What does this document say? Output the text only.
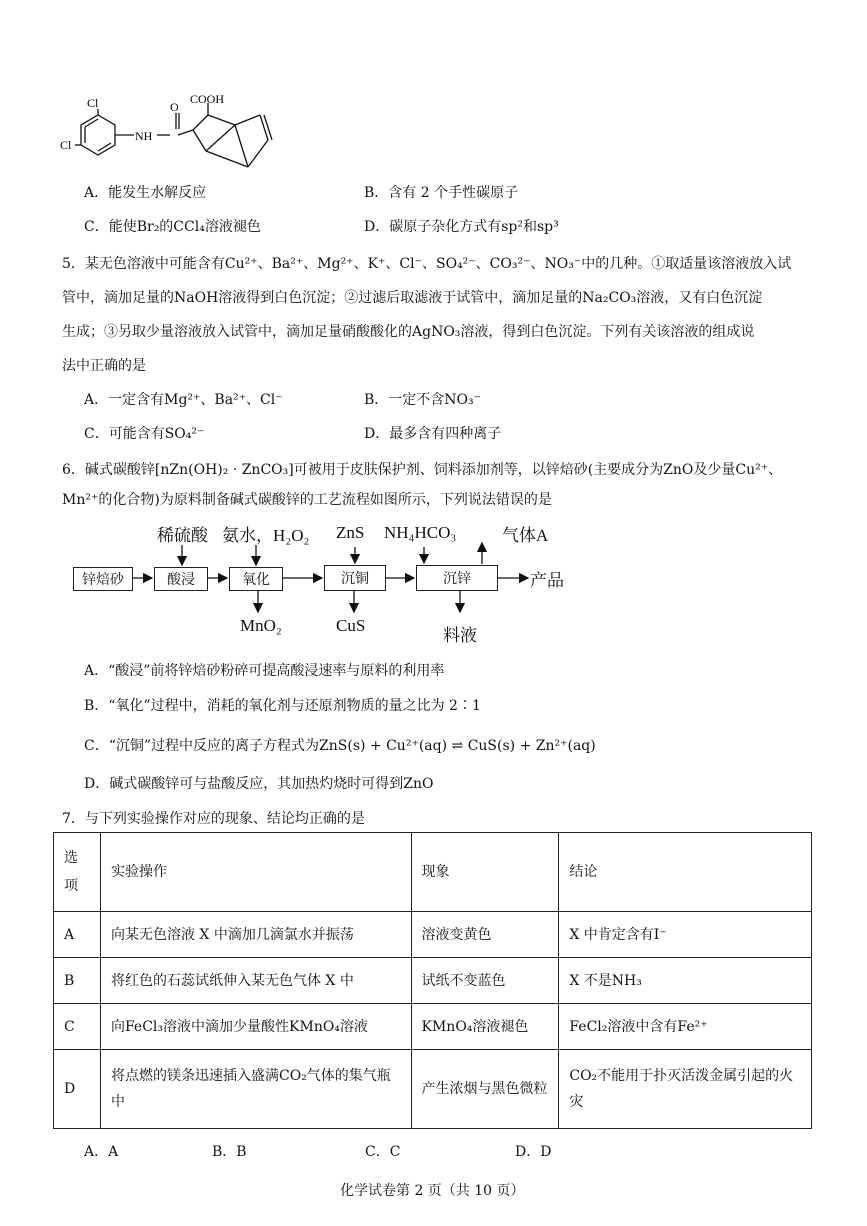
COOH
Cl
Cl
NH
O
A．能发生水解反应	B．含有 2 个手性碳原子
C．能使Br₂的CCl₄溶液褪色	D．碳原子杂化方式有sp²和sp³
5．某无色溶液中可能含有Cu²⁺、Ba²⁺、Mg²⁺、K⁺、Cl⁻、SO₄²⁻、CO₃²⁻、NO₃⁻中的几种。①取适量该溶液放入试
管中，滴加足量的NaOH溶液得到白色沉淀；②过滤后取滤液于试管中，滴加足量的Na₂CO₃溶液，又有白色沉淀
生成；③另取少量溶液放入试管中，滴加足量硝酸酸化的AgNO₃溶液，得到白色沉淀。下列有关该溶液的组成说
法中正确的是
A．一定含有Mg²⁺、Ba²⁺、Cl⁻	B．一定不含NO₃⁻
C．可能含有SO₄²⁻	D．最多含有四种离子
6．碱式碳酸锌[nZn(OH)₂ · ZnCO₃]可被用于皮肤保护剂、饲料添加剂等，以锌焙砂(主要成分为ZnO及少量Cu²⁺、
Mn²⁺的化合物)为原料制备碱式碳酸锌的工艺流程如图所示，下列说法错误的是
稀硫酸 氨水，H₂O₂ ZnS NH₄HCO₃	气体A
锌焙砂	酸浸	氧化	沉铜	沉锌	产品
MnO₂	CuS
料液
A．“酸浸”前将锌焙砂粉碎可提高酸浸速率与原料的利用率
B．“氧化”过程中，消耗的氧化剂与还原剂物质的量之比为 2∶1
C．“沉铜”过程中反应的离子方程式为ZnS(s) + Cu²⁺(aq) ⇌ CuS(s) + Zn²⁺(aq)
D．碱式碳酸锌可与盐酸反应，其加热灼烧时可得到ZnO
7．与下列实验操作对应的现象、结论均正确的是
选项	实验操作	现象	结论
A	向某无色溶液 X 中滴加几滴氯水并振荡	溶液变黄色	X 中肯定含有I⁻
B	将红色的石蕊试纸伸入某无色气体 X 中	试纸不变蓝色	X 不是NH₃
C	向FeCl₃溶液中滴加少量酸性KMnO₄溶液	KMnO₄溶液褪色	FeCl₂溶液中含有Fe²⁺
D	将点燃的镁条迅速插入盛满CO₂气体的集气瓶中	产生浓烟与黑色微粒	CO₂不能用于扑灭活泼金属引起的火灾
A．A	B．B	C．C	D．D
化学试卷第 2 页（共 10 页）
